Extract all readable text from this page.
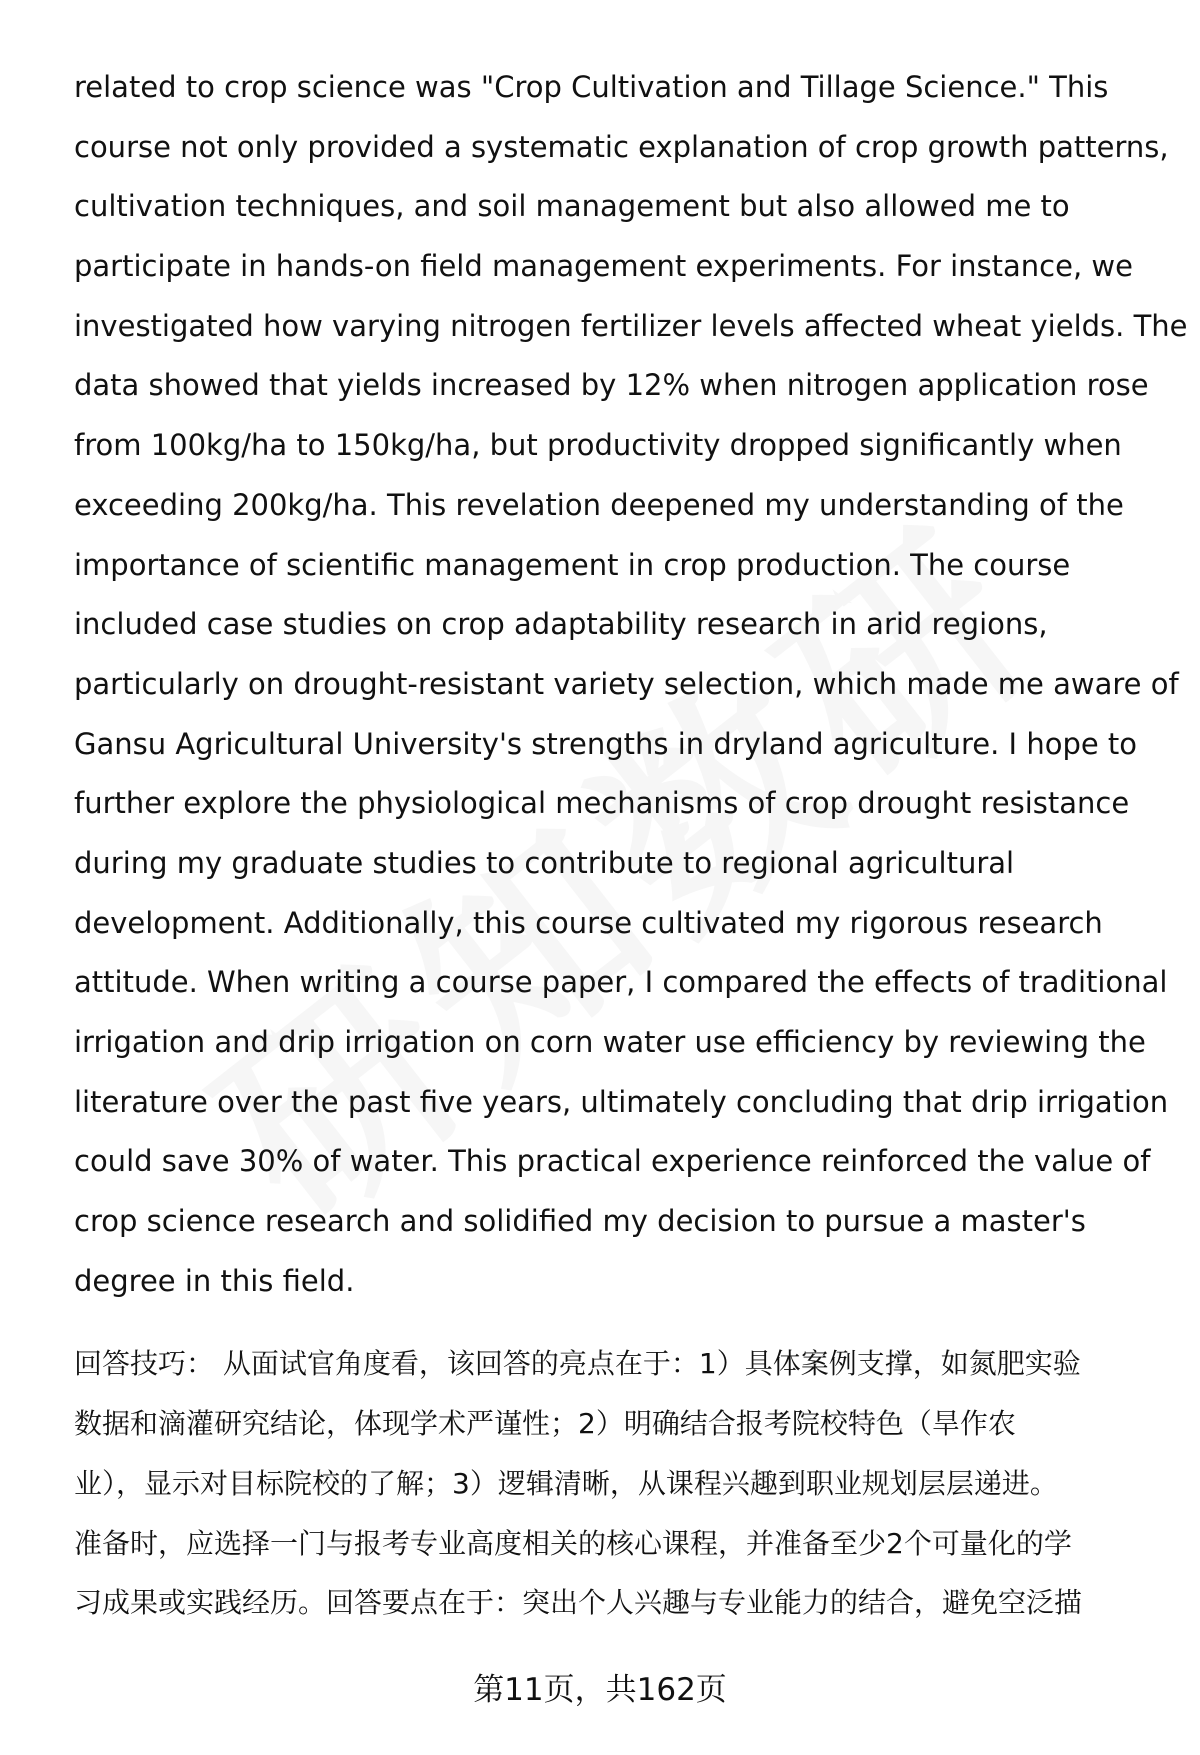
related to crop science was "Crop Cultivation and Tillage Science." This
course not only provided a systematic explanation of crop growth patterns,
cultivation techniques, and soil management but also allowed me to
participate in hands-on field management experiments. For instance, we
investigated how varying nitrogen fertilizer levels affected wheat yields. The
data showed that yields increased by 12% when nitrogen application rose
from 100kg/ha to 150kg/ha, but productivity dropped significantly when
exceeding 200kg/ha. This revelation deepened my understanding of the
importance of scientific management in crop production. The course
included case studies on crop adaptability research in arid regions,
particularly on drought-resistant variety selection, which made me aware of
Gansu Agricultural University's strengths in dryland agriculture. I hope to
further explore the physiological mechanisms of crop drought resistance
during my graduate studies to contribute to regional agricultural
development. Additionally, this course cultivated my rigorous research
attitude. When writing a course paper, I compared the effects of traditional
irrigation and drip irrigation on corn water use efficiency by reviewing the
literature over the past five years, ultimately concluding that drip irrigation
could save 30% of water. This practical experience reinforced the value of
crop science research and solidified my decision to pursue a master's
degree in this field.
回答技巧： 从面试官角度看，该回答的亮点在于：1）具体案例支撑，如氮肥实验
数据和滴灌研究结论，体现学术严谨性；2）明确结合报考院校特色（旱作农
业），显示对目标院校的了解；3）逻辑清晰，从课程兴趣到职业规划层层递进。
准备时，应选择一门与报考专业高度相关的核心课程，并准备至少2个可量化的学
习成果或实践经历。回答要点在于：突出个人兴趣与专业能力的结合，避免空泛描
第11页，共162页
